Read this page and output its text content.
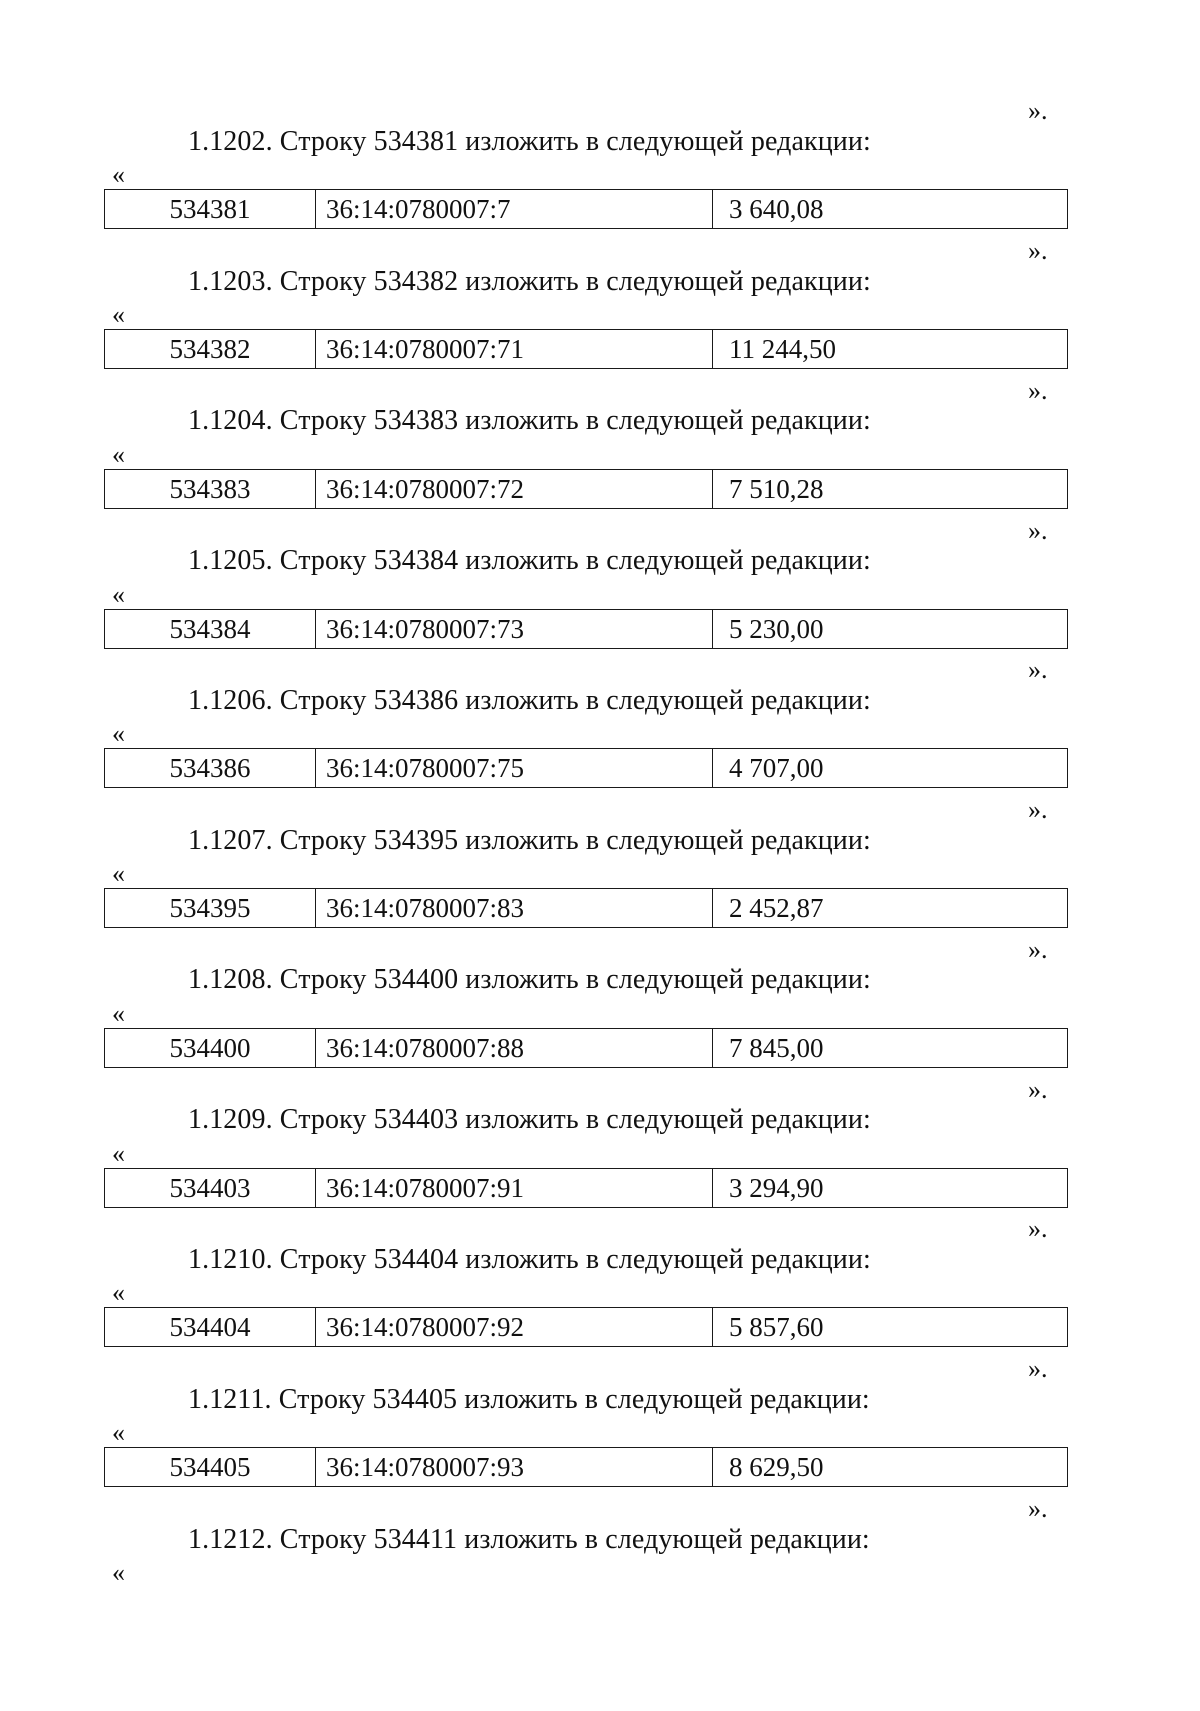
».
1.1202. Строку 534381 изложить в следующей редакции:
«
534381	36:14:0780007:7	3 640,08
».
1.1203. Строку 534382 изложить в следующей редакции:
«
534382	36:14:0780007:71	11 244,50
».
1.1204. Строку 534383 изложить в следующей редакции:
«
534383	36:14:0780007:72	7 510,28
».
1.1205. Строку 534384 изложить в следующей редакции:
«
534384	36:14:0780007:73	5 230,00
».
1.1206. Строку 534386 изложить в следующей редакции:
«
534386	36:14:0780007:75	4 707,00
».
1.1207. Строку 534395 изложить в следующей редакции:
«
534395	36:14:0780007:83	2 452,87
».
1.1208. Строку 534400 изложить в следующей редакции:
«
534400	36:14:0780007:88	7 845,00
».
1.1209. Строку 534403 изложить в следующей редакции:
«
534403	36:14:0780007:91	3 294,90
».
1.1210. Строку 534404 изложить в следующей редакции:
«
534404	36:14:0780007:92	5 857,60
».
1.1211. Строку 534405 изложить в следующей редакции:
«
534405	36:14:0780007:93	8 629,50
».
1.1212. Строку 534411 изложить в следующей редакции:
«
